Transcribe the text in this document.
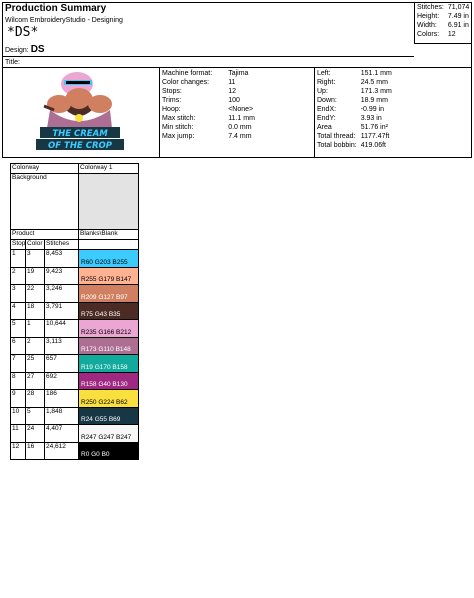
Stitches:	71,074
Height:	7.49 in
Width:	6.91 in
Colors:	12
Production Summary
Wilcom EmbroideryStudio - Designing
*DS*
Design: DS
Title:
THE CREAM
OF THE CROP
Machine format:	Tajima
Color changes:	11
Stops:	12
Trims:	100
Hoop:	<None>
Max stitch:	11.1 mm
Min stitch:	0.0 mm
Max jump:	7.4 mm
Left:	151.1 mm
Right:	24.5 mm
Up:	171.3 mm
Down:	18.9 mm
EndX:	-0.99 in
EndY:	3.93 in
Area	51.76 in²
Total thread:	1177.47ft
Total bobbin:	419.06ft
Colorway			Colorway 1
Background			
Product			Blanks\Blank
Stop	Color	Stitches	
1	3	8,453	R60 G203 B255

2	19	9,423	R255 G179 B147

3	22	3,246	R209 G127 B97

4	18	3,791	R75 G43 B35

5	1	10,644	R235 G166 B212

6	2	3,113	R173 G110 B148

7	25	657	R19 G170 B158

8	27	692	R158 G40 B130

9	28	186	R250 G224 B62

10	5	1,848	R24 G55 B69

11	24	4,407	R247 G247 B247

12	16	24,612	R0 G0 B0
